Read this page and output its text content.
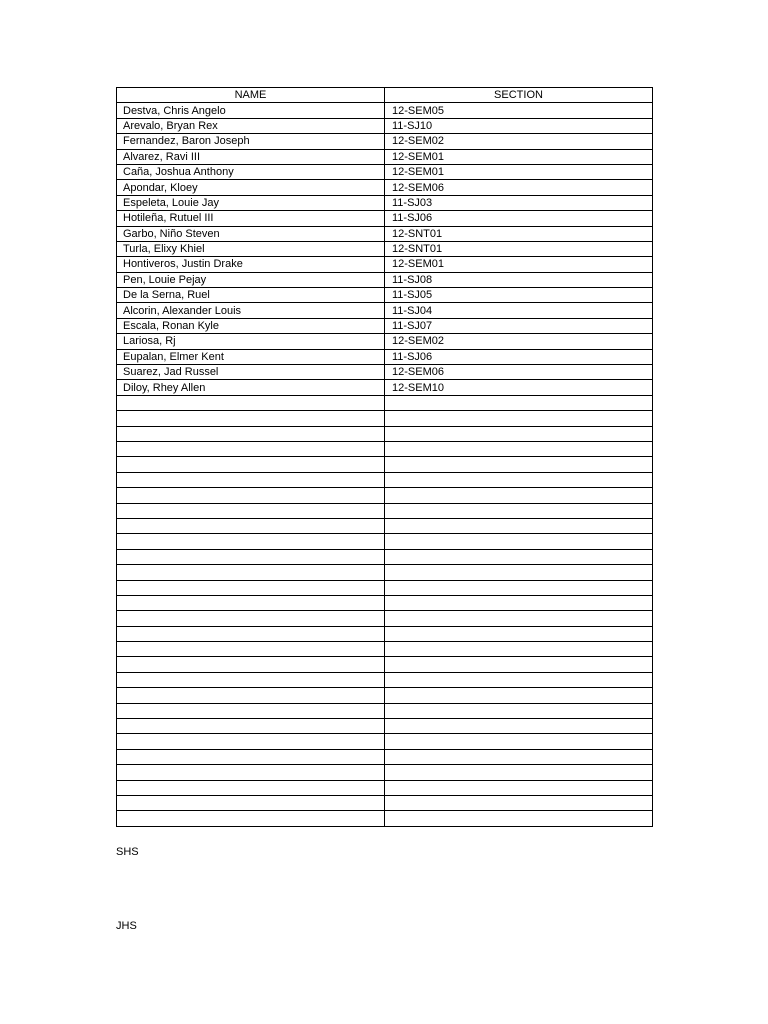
NAME	SECTION
Destva, Chris Angelo	12-SEM05
Arevalo, Bryan Rex	11-SJ10
Fernandez, Baron Joseph	12-SEM02
Alvarez, Ravi III	12-SEM01
Caña, Joshua Anthony	12-SEM01
Apondar, Kloey	12-SEM06
Espeleta, Louie Jay	11-SJ03
Hotileña, Rutuel III	11-SJ06
Garbo, Niño Steven	12-SNT01
Turla, Elixy Khiel	12-SNT01
Hontiveros, Justin Drake	12-SEM01
Pen, Louie Pejay	11-SJ08
De la Serna, Ruel	11-SJ05
Alcorin, Alexander Louis	11-SJ04
Escala, Ronan Kyle	11-SJ07
Lariosa, Rj	12-SEM02
Eupalan, Elmer Kent	11-SJ06
Suarez, Jad Russel	12-SEM06
Diloy, Rhey Allen	12-SEM10

SHS
JHS
